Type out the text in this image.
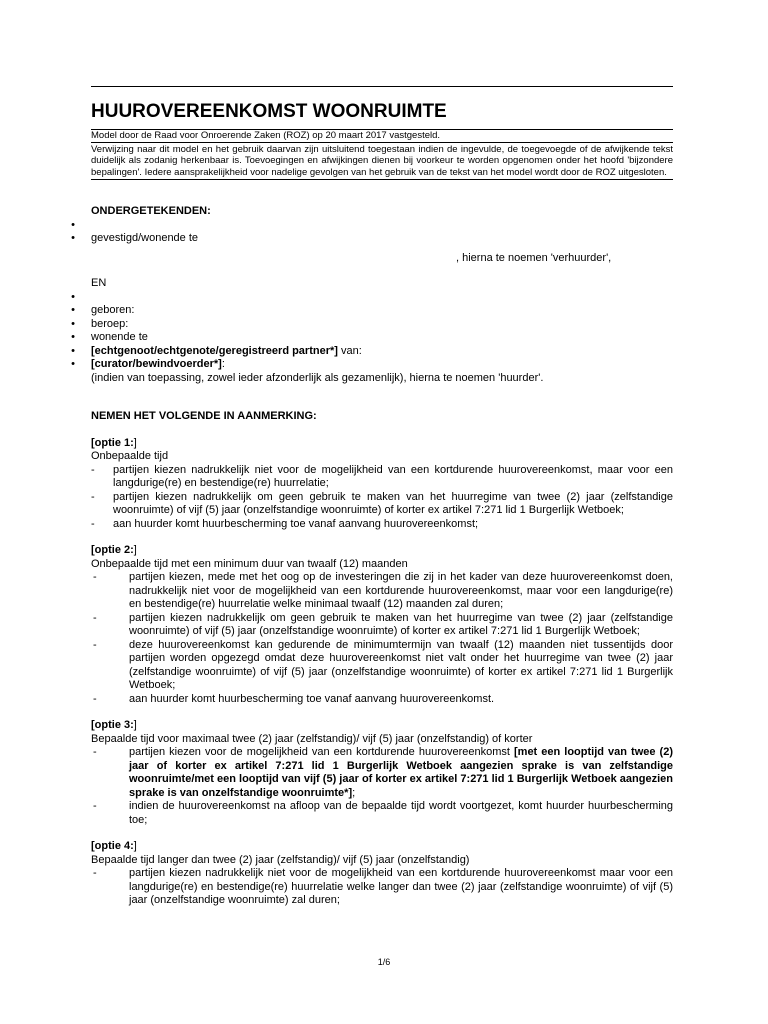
HUUROVEREENKOMST WOONRUIMTE
Model door de Raad voor Onroerende Zaken (ROZ) op 20 maart 2017 vastgesteld.
Verwijzing naar dit model en het gebruik daarvan zijn uitsluitend toegestaan indien de ingevulde, de toegevoegde of de afwijkende tekst duidelijk als zodanig herkenbaar is. Toevoegingen en afwijkingen dienen bij voorkeur te worden opgenomen onder het hoofd 'bijzondere bepalingen'. Iedere aansprakelijkheid voor nadelige gevolgen van het gebruik van de tekst van het model wordt door de ROZ uitgesloten.
ONDERGETEKENDEN:
•
• gevestigd/wonende te
, hierna te noemen 'verhuurder',
EN
•
• geboren:
• beroep:
• wonende te
• [echtgenoot/echtgenote/geregistreerd partner*] van:
• [curator/bewindvoerder*]:
(indien van toepassing, zowel ieder afzonderlijk als gezamenlijk), hierna te noemen 'huurder'.
NEMEN HET VOLGENDE IN AANMERKING:
[optie 1:]
Onbepaalde tijd
- partijen kiezen nadrukkelijk niet voor de mogelijkheid van een kortdurende huurovereenkomst, maar voor een langdurige(re) en bestendige(re) huurrelatie;
- partijen kiezen nadrukkelijk om geen gebruik te maken van het huurregime van twee (2) jaar (zelfstandige woonruimte) of vijf (5) jaar (onzelfstandige woonruimte) of korter ex artikel 7:271 lid 1 Burgerlijk Wetboek;
- aan huurder komt huurbescherming toe vanaf aanvang huurovereenkomst;
[optie 2:]
Onbepaalde tijd met een minimum duur van twaalf (12) maanden
-	partijen kiezen, mede met het oog op de investeringen die zij in het kader van deze huurovereenkomst doen, nadrukkelijk niet voor de mogelijkheid van een kortdurende huurovereenkomst, maar voor een langdurige(re) en bestendige(re) huurrelatie welke minimaal twaalf (12) maanden zal duren;
-	partijen kiezen nadrukkelijk om geen gebruik te maken van het huurregime van twee (2) jaar (zelfstandige woonruimte) of vijf (5) jaar (onzelfstandige woonruimte) of korter ex artikel 7:271 lid 1 Burgerlijk Wetboek;
-	deze huurovereenkomst kan gedurende de minimumtermijn van twaalf (12) maanden niet tussentijds door partijen worden opgezegd omdat deze huurovereenkomst niet valt onder het huurregime van twee (2) jaar (zelfstandige woonruimte) of vijf (5) jaar (onzelfstandige woonruimte) of korter ex artikel 7:271 lid 1 Burgerlijk Wetboek;
-	aan huurder komt huurbescherming toe vanaf aanvang huurovereenkomst.
[optie 3:]
Bepaalde tijd voor maximaal twee (2) jaar (zelfstandig)/ vijf (5) jaar (onzelfstandig) of korter
-	partijen kiezen voor de mogelijkheid van een kortdurende huurovereenkomst [met een looptijd van twee (2) jaar of korter ex artikel 7:271 lid 1 Burgerlijk Wetboek aangezien sprake is van zelfstandige woonruimte/met een looptijd van vijf (5) jaar of korter ex artikel 7:271 lid 1 Burgerlijk Wetboek aangezien sprake is van onzelfstandige woonruimte*];
-	indien de huurovereenkomst na afloop van de bepaalde tijd wordt voortgezet, komt huurder huurbescherming toe;
[optie 4:]
Bepaalde tijd langer dan twee (2) jaar (zelfstandig)/ vijf (5) jaar (onzelfstandig)
-	partijen kiezen nadrukkelijk niet voor de mogelijkheid van een kortdurende huurovereenkomst maar voor een langdurige(re) en bestendige(re) huurrelatie welke langer dan twee (2) jaar (zelfstandige woonruimte) of vijf (5) jaar (onzelfstandige woonruimte) zal duren;
1/6
